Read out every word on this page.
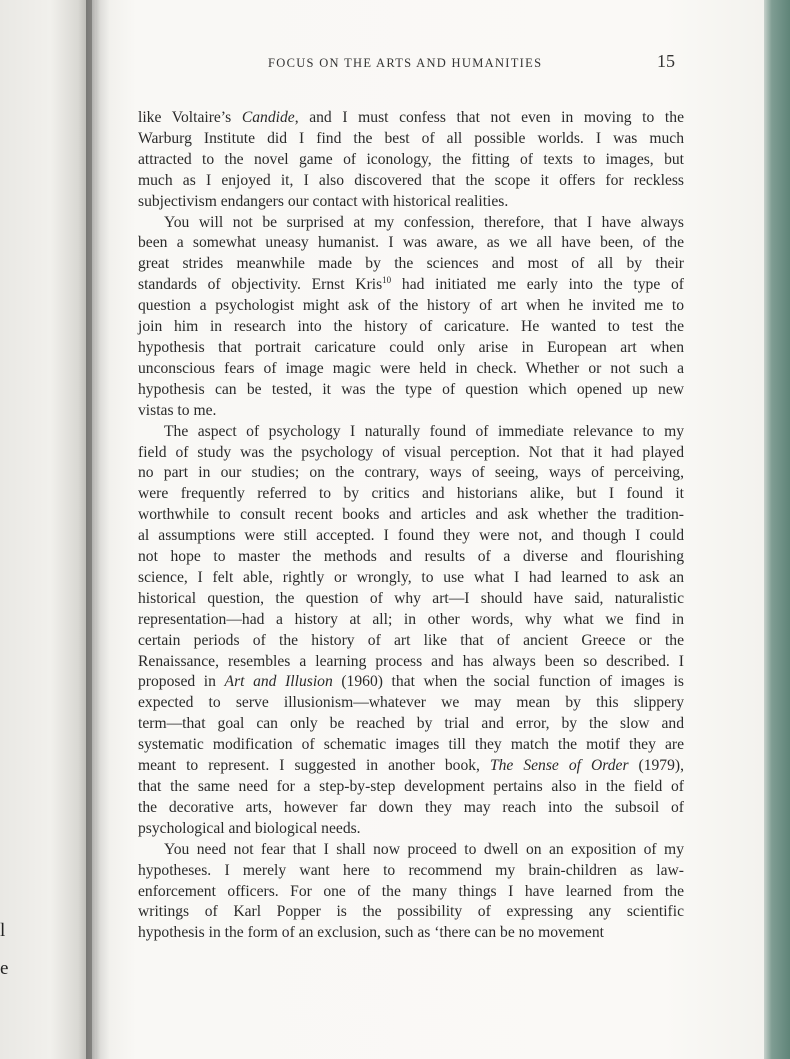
l
e
FOCUS ON THE ARTS AND HUMANITIES	15
like Voltaire’s Candide, and I must confess that not even in moving to the
Warburg Institute did I find the best of all possible worlds. I was much
attracted to the novel game of iconology, the fitting of texts to images, but
much as I enjoyed it, I also discovered that the scope it offers for reckless
subjectivism endangers our contact with historical realities.
You will not be surprised at my confession, therefore, that I have always
been a somewhat uneasy humanist. I was aware, as we all have been, of the
great strides meanwhile made by the sciences and most of all by their
standards of objectivity. Ernst Kris$^{10}$ had initiated me early into the type of
question a psychologist might ask of the history of art when he invited me to
join him in research into the history of caricature. He wanted to test the
hypothesis that portrait caricature could only arise in European art when
unconscious fears of image magic were held in check. Whether or not such a
hypothesis can be tested, it was the type of question which opened up new
vistas to me.
The aspect of psychology I naturally found of immediate relevance to my
field of study was the psychology of visual perception. Not that it had played
no part in our studies; on the contrary, ways of seeing, ways of perceiving,
were frequently referred to by critics and historians alike, but I found it
worthwhile to consult recent books and articles and ask whether the tradition-
al assumptions were still accepted. I found they were not, and though I could
not hope to master the methods and results of a diverse and flourishing
science, I felt able, rightly or wrongly, to use what I had learned to ask an
historical question, the question of why art—I should have said, naturalistic
representation—had a history at all; in other words, why what we find in
certain periods of the history of art like that of ancient Greece or the
Renaissance, resembles a learning process and has always been so described. I
proposed in Art and Illusion (1960) that when the social function of images is
expected to serve illusionism—whatever we may mean by this slippery
term—that goal can only be reached by trial and error, by the slow and
systematic modification of schematic images till they match the motif they are
meant to represent. I suggested in another book, The Sense of Order (1979),
that the same need for a step-by-step development pertains also in the field of
the decorative arts, however far down they may reach into the subsoil of
psychological and biological needs.
You need not fear that I shall now proceed to dwell on an exposition of my
hypotheses. I merely want here to recommend my brain-children as law-
enforcement officers. For one of the many things I have learned from the
writings of Karl Popper is the possibility of expressing any scientific
hypothesis in the form of an exclusion, such as ‘there can be no movement
